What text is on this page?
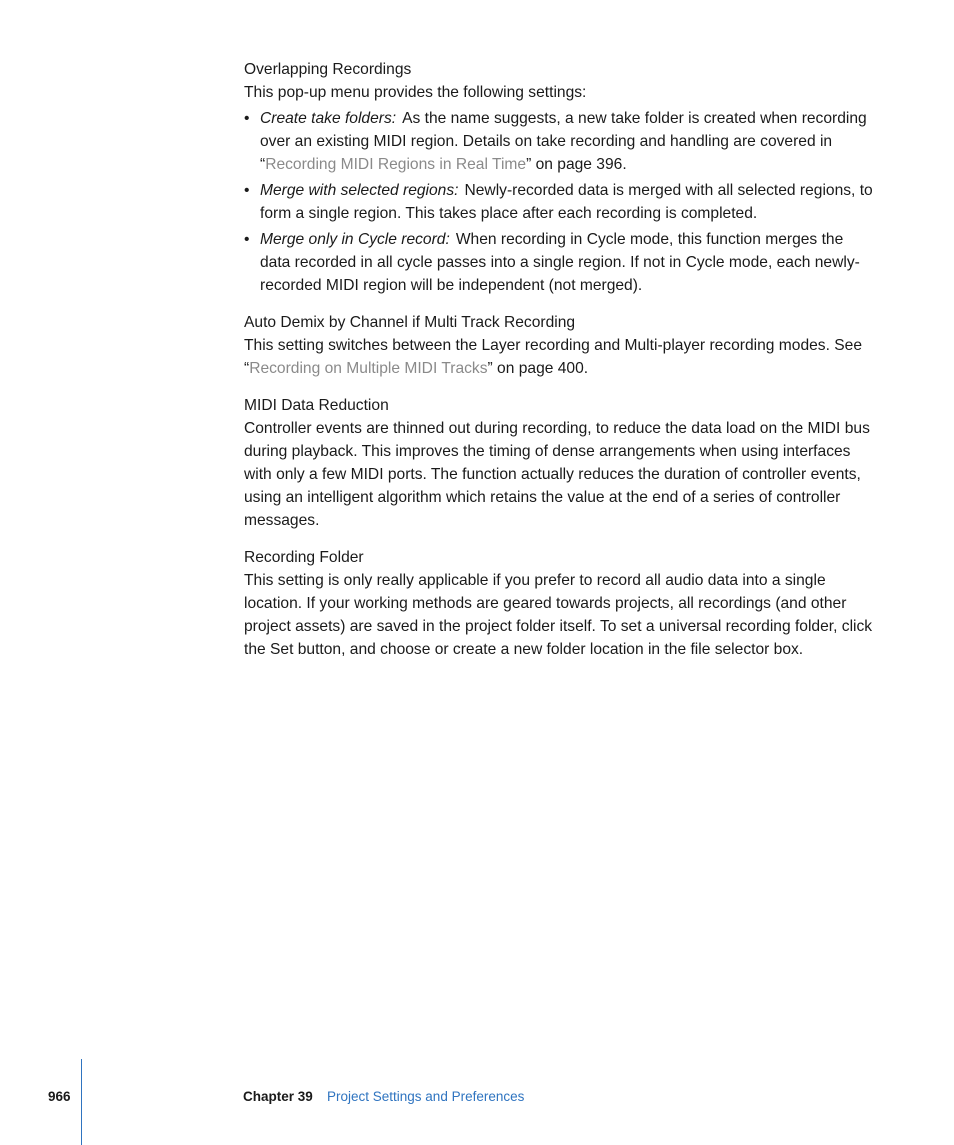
Overlapping Recordings

This pop-up menu provides the following settings:

• Create take folders: As the name suggests, a new take folder is created when recording over an existing MIDI region. Details on take recording and handling are covered in “Recording MIDI Regions in Real Time” on page 396.
• Merge with selected regions: Newly-recorded data is merged with all selected regions, to form a single region. This takes place after each recording is completed.
• Merge only in Cycle record: When recording in Cycle mode, this function merges the data recorded in all cycle passes into a single region. If not in Cycle mode, each newly-recorded MIDI region will be independent (not merged).
Auto Demix by Channel if Multi Track Recording

This setting switches between the Layer recording and Multi-player recording modes. See “Recording on Multiple MIDI Tracks” on page 400.

MIDI Data Reduction

Controller events are thinned out during recording, to reduce the data load on the MIDI bus during playback. This improves the timing of dense arrangements when using interfaces with only a few MIDI ports. The function actually reduces the duration of controller events, using an intelligent algorithm which retains the value at the end of a series of controller messages.

Recording Folder

This setting is only really applicable if you prefer to record all audio data into a single location. If your working methods are geared towards projects, all recordings (and other project assets) are saved in the project folder itself. To set a universal recording folder, click the Set button, and choose or create a new folder location in the file selector box.

966	Chapter 39 Project Settings and Preferences
